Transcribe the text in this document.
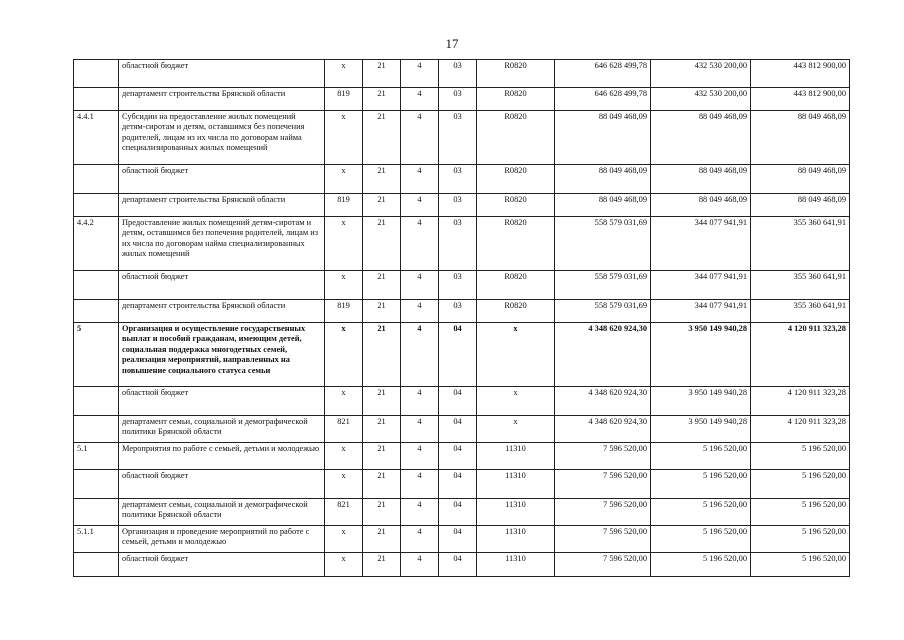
17
	областной бюджет	х	21	4	03	R0820	646 628 499,78	432 530 200,00	443 812 900,00
	департамент строительства Брянской области	819	21	4	03	R0820	646 628 499,78	432 530 200,00	443 812 900,00
4.4.1	Субсидии на предоставление жилых помещений детям-сиротам и детям, оставшимся без попечения родителей, лицам из их числа по договорам найма специализированных жилых помещений	х	21	4	03	R0820	88 049 468,09	88 049 468,09	88 049 468,09
	областной бюджет	х	21	4	03	R0820	88 049 468,09	88 049 468,09	88 049 468,09
	департамент строительства Брянской области	819	21	4	03	R0820	88 049 468,09	88 049 468,09	88 049 468,09
4.4.2	Предоставление жилых помещений детям-сиротам и детям, оставшимся без попечения родителей, лицам из их числа по договорам найма специализированных жилых помещений	х	21	4	03	R0820	558 579 031,69	344 077 941,91	355 360 641,91
	областной бюджет	х	21	4	03	R0820	558 579 031,69	344 077 941,91	355 360 641,91
	департамент строительства Брянской области	819	21	4	03	R0820	558 579 031,69	344 077 941,91	355 360 641,91
5	Организация и осуществление государственных выплат и пособий гражданам, имеющим детей, социальная поддержка многодетных семей, реализация мероприятий, направленных на повышение социального статуса семьи	х	21	4	04	х	4 348 620 924,30	3 950 149 940,28	4 120 911 323,28
	областной бюджет	х	21	4	04	х	4 348 620 924,30	3 950 149 940,28	4 120 911 323,28
	департамент семьи, социальной и демографической политики Брянской области	821	21	4	04	х	4 348 620 924,30	3 950 149 940,28	4 120 911 323,28
5.1	Мероприятия по работе с семьей, детьми и молодежью	х	21	4	04	11310	7 596 520,00	5 196 520,00	5 196 520,00
	областной бюджет	х	21	4	04	11310	7 596 520,00	5 196 520,00	5 196 520,00
	департамент семьи, социальной и демографической политики Брянской области	821	21	4	04	11310	7 596 520,00	5 196 520,00	5 196 520,00
5.1.1	Организация и проведение мероприятий по работе с семьей, детьми и молодежью	х	21	4	04	11310	7 596 520,00	5 196 520,00	5 196 520,00
	областной бюджет	х	21	4	04	11310	7 596 520,00	5 196 520,00	5 196 520,00
